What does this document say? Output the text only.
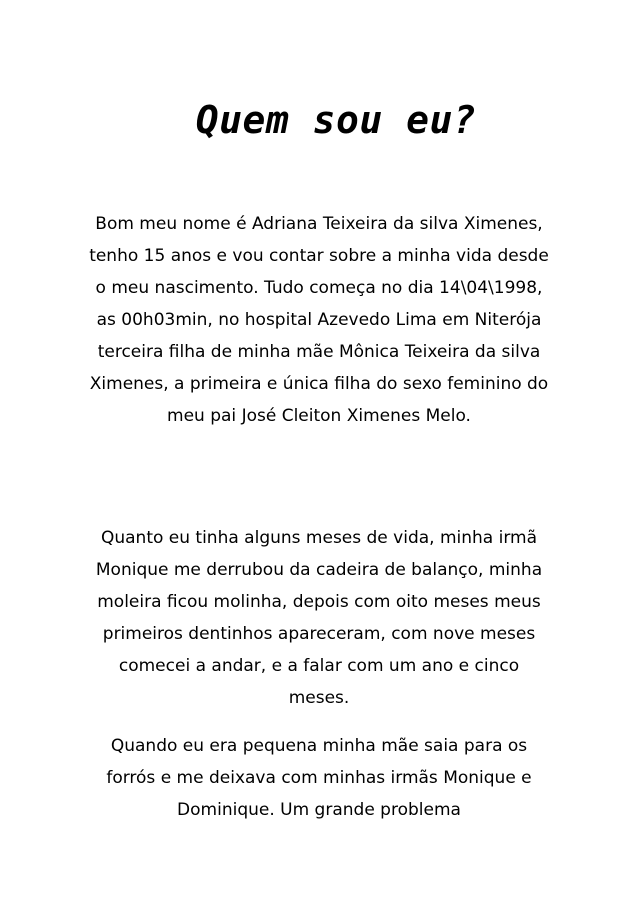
Quem sou eu?

Bom meu nome é Adriana Teixeira da silva Ximenes, tenho 15 anos e vou contar sobre a minha vida desde o meu nascimento. Tudo começa no dia 14\04\1998, as 00h03min, no hospital Azevedo Lima em Niterója terceira filha de minha mãe Mônica Teixeira da silva Ximenes, a primeira e única filha do sexo feminino do meu pai José Cleiton Ximenes Melo.

Quanto eu tinha alguns meses de vida, minha irmã Monique me derrubou da cadeira de balanço, minha moleira ficou molinha, depois com oito meses meus primeiros dentinhos apareceram, com nove meses comecei a andar, e a falar com um ano e cinco meses.

Quando eu era pequena minha mãe saia para os forrós e me deixava com minhas irmãs Monique e Dominique. Um grande problema
